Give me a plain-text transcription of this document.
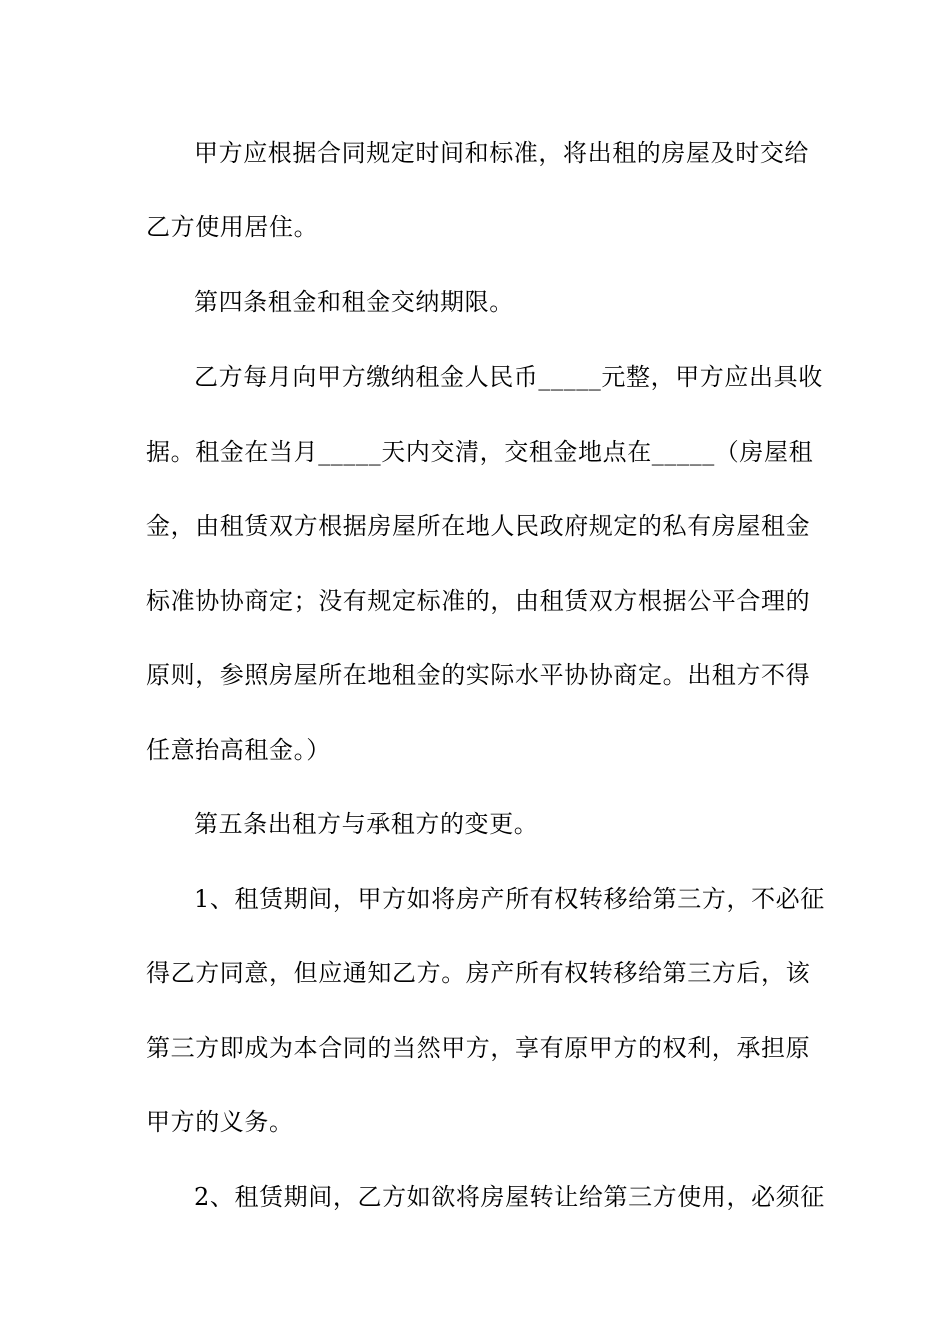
甲方应根据合同规定时间和标准，将出租的房屋及时交给
乙方使用居住。
第四条租金和租金交纳期限。
乙方每月向甲方缴纳租金人民币_____元整，甲方应出具收
据。租金在当月_____天内交清，交租金地点在_____（房屋租
金，由租赁双方根据房屋所在地人民政府规定的私有房屋租金
标准协协商定；没有规定标准的，由租赁双方根据公平合理的
原则，参照房屋所在地租金的实际水平协协商定。出租方不得
任意抬高租金。）
第五条出租方与承租方的变更。
1、租赁期间，甲方如将房产所有权转移给第三方，不必征
得乙方同意，但应通知乙方。房产所有权转移给第三方后，该
第三方即成为本合同的当然甲方，享有原甲方的权利，承担原
甲方的义务。
2、租赁期间，乙方如欲将房屋转让给第三方使用，必须征
